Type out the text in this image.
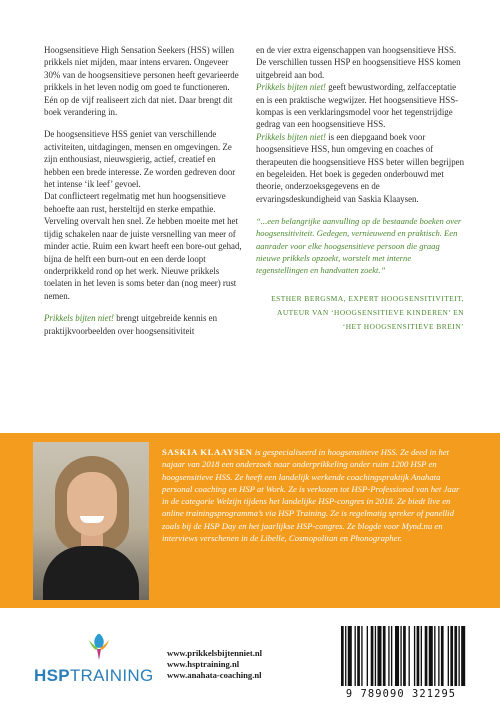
Hoogsensitieve High Sensation Seekers (HSS) willen prikkels niet mijden, maar intens ervaren. Ongeveer 30% van de hoogsensitieve personen heeft gevarieerde prikkels in het leven nodig om goed te functioneren. Eén op de vijf realiseert zich dat niet. Daar brengt dit boek verandering in.

De hoogsensitieve HSS geniet van verschillende activiteiten, uitdagingen, mensen en omgevingen. Ze zijn enthousiast, nieuwsgierig, actief, creatief en hebben een brede interesse. Ze worden gedreven door het intense ‘ik leef’ gevoel.

Dat conflicteert regelmatig met hun hoogsensitieve behoefte aan rust, hersteltijd en sterke empathie. Verveling overvalt hen snel. Ze hebben moeite met het tijdig schakelen naar de juiste versnelling van meer of minder actie. Ruim een kwart heeft een bore-out gehad, bijna de helft een burn-out en een derde loopt onderprikkeld rond op het werk. Nieuwe prikkels toelaten in het leven is soms beter dan (nog meer) rust nemen.

Prikkels bijten niet! brengt uitgebreide kennis en praktijkvoorbeelden over hoogsensitiviteit

en de vier extra eigenschappen van hoogsensitieve HSS. De verschillen tussen HSP en hoogsensitieve HSS komen uitgebreid aan bod.

Prikkels bijten niet! geeft bewustwording, zelfacceptatie en is een praktische wegwijzer. Het hoogsensitieve HSS-kompas is een verklaringsmodel voor het tegenstrijdige gedrag van een hoogsensitieve HSS.

Prikkels bijten niet! is een diepgaand boek voor hoogsensitieve HSS, hun omgeving en coaches of therapeuten die hoogsensitieve HSS beter willen begrijpen en begeleiden. Het boek is gegeden onderbouwd met theorie, onderzoeksgegevens en de ervaringsdeskundigheid van Saskia Klaaysen.

“...een belangrijke aanvulling op de bestaande boeken over hoogsensitiviteit. Gedegen, vernieuwend en praktisch. Een aanrader voor elke hoogsensitieve persoon die graag nieuwe prikkels opzoekt, worstelt met interne tegenstellingen en handvatten zoekt.”

ESTHER BERGSMA, EXPERT HOOGSENSITIVITEIT,
AUTEUR VAN ‘HOOGSENSITIEVE KINDEREN’ EN
‘HET HOOGSENSITIEVE BREIN’
SASKIA KLAAYSEN is gespecialiseerd in hoogsensitieve HSS. Ze deed in het najaar van 2018 een onderzoek naar onderprikkeling onder ruim 1200 HSP en hoogsensitieve HSS. Ze heeft een landelijk werkende coachingspraktijk Anahata personal coaching en HSP at Work. Ze is verkozen tot HSP-Professional van het Jaar in de categorie Welzijn tijdens het landelijke HSP-congres in 2018. Ze biedt live en online trainingsprogramma’s via HSP Training. Ze is regelmatig spreker of panellid zoals bij de HSP Day en het jaarlijkse HSP-congres. Ze blogde voor Mynd.nu en interviews verschenen in de Libelle, Cosmopolitan en Phonographer.
HSPTRAINING
www.prikkelsbijtenniet.nl
www.hsptraining.nl
www.anahata-coaching.nl
9 789090 321295
